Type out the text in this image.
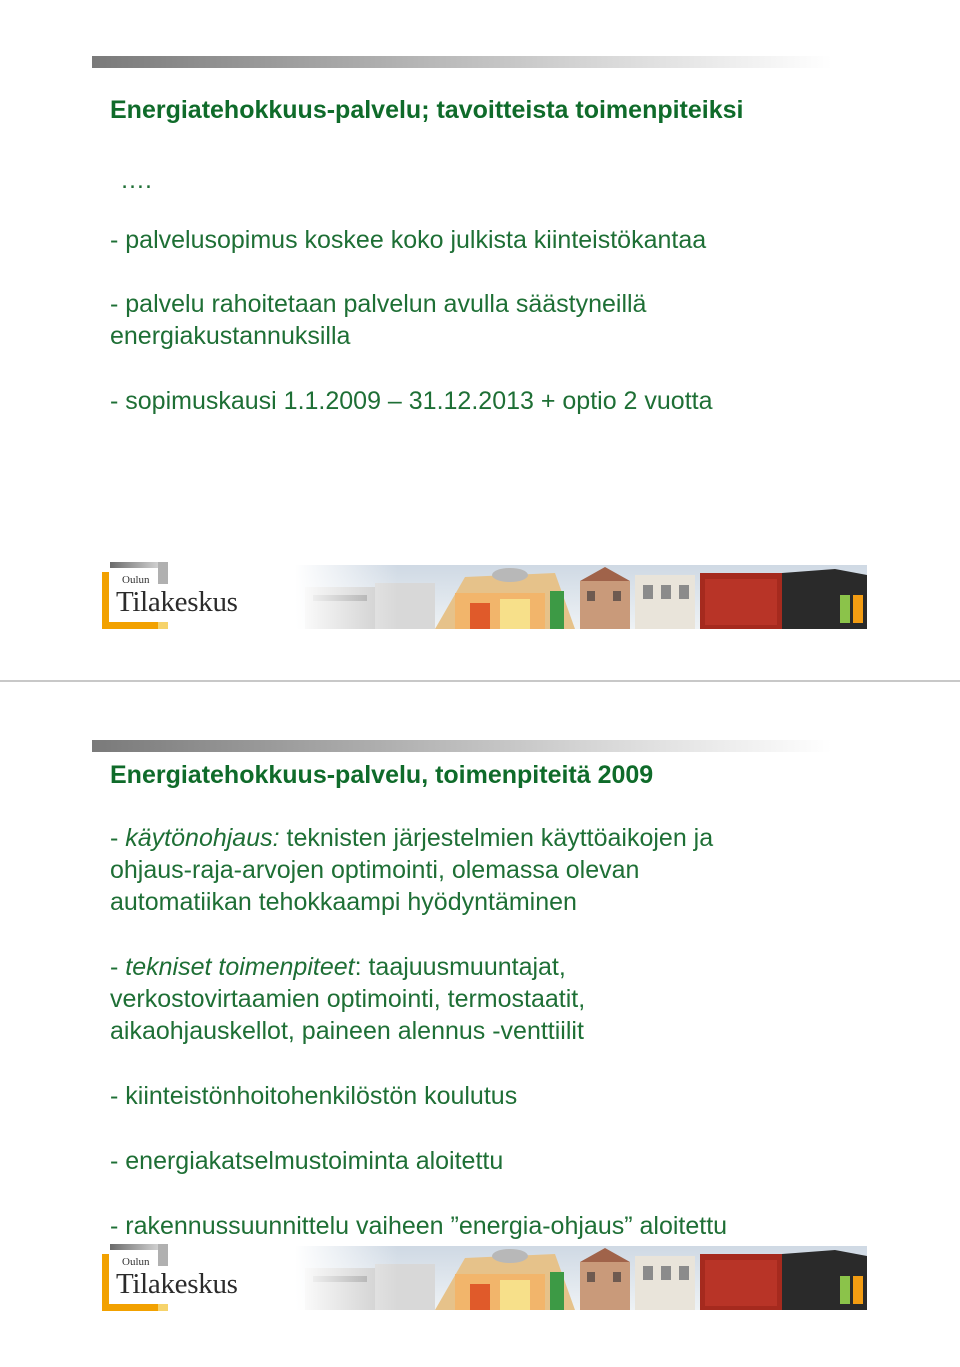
Energiatehokkuus-palvelu; tavoitteista toimenpiteiksi

….

- palvelusopimus koskee koko julkista kiinteistökantaa

- palvelu rahoitetaan palvelun avulla säästyneillä

energiakustannuksilla

- sopimuskausi 1.1.2009 – 31.12.2013 + optio 2 vuotta

Oulun
Tilakeskus
Energiatehokkuus-palvelu, toimenpiteitä 2009

- käytönohjaus: teknisten järjestelmien käyttöaikojen ja

ohjaus-raja-arvojen optimointi, olemassa olevan

automatiikan tehokkaampi hyödyntäminen

- tekniset toimenpiteet: taajuusmuuntajat,

verkostovirtaamien optimointi, termostaatit,

aikaohjauskellot, paineen alennus -venttiilit

- kiinteistönhoitohenkilöstön koulutus

- energiakatselmustoiminta aloitettu

- rakennussuunnittelu vaiheen ”energia-ohjaus” aloitettu

Oulun
Tilakeskus
